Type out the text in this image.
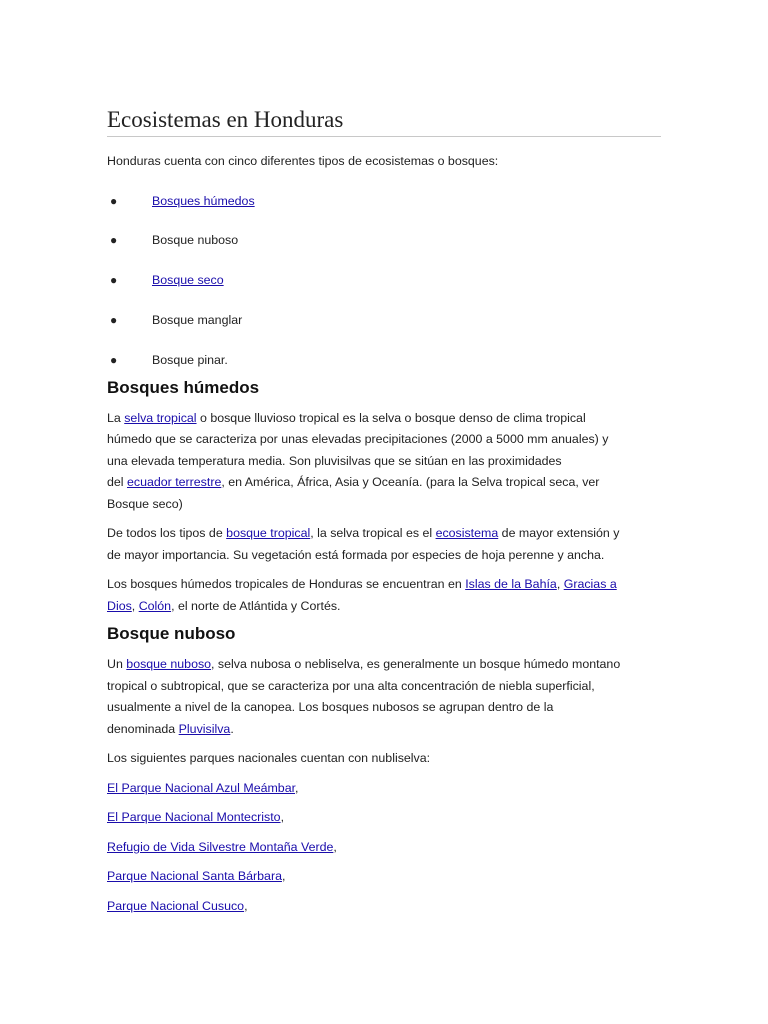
Ecosistemas en Honduras

Honduras cuenta con cinco diferentes tipos de ecosistemas o bosques:

●	Bosques húmedos
●	Bosque nuboso
●	Bosque seco
●	Bosque manglar
●	Bosque pinar.
Bosques húmedos

La selva tropical o bosque lluvioso tropical es la selva o bosque denso de clima tropical
húmedo que se caracteriza por unas elevadas precipitaciones (2000 a 5000 mm anuales) y
una elevada temperatura media. Son pluvisilvas que se sitúan en las proximidades
del ecuador terrestre, en América, África, Asia y Oceanía. (para la Selva tropical seca, ver
Bosque seco)

De todos los tipos de bosque tropical, la selva tropical es el ecosistema de mayor extensión y
de mayor importancia. Su vegetación está formada por especies de hoja perenne y ancha.

Los bosques húmedos tropicales de Honduras se encuentran en Islas de la Bahía, Gracias a
Dios, Colón, el norte de Atlántida y Cortés.

Bosque nuboso

Un bosque nuboso, selva nubosa o nebliselva, es generalmente un bosque húmedo montano
tropical o subtropical, que se caracteriza por una alta concentración de niebla superficial,
usualmente a nivel de la canopea. Los bosques nubosos se agrupan dentro de la
denominada Pluvisilva.

Los siguientes parques nacionales cuentan con nubliselva:

El Parque Nacional Azul Meámbar,

El Parque Nacional Montecristo,

Refugio de Vida Silvestre Montaña Verde,

Parque Nacional Santa Bárbara,

Parque Nacional Cusuco,
